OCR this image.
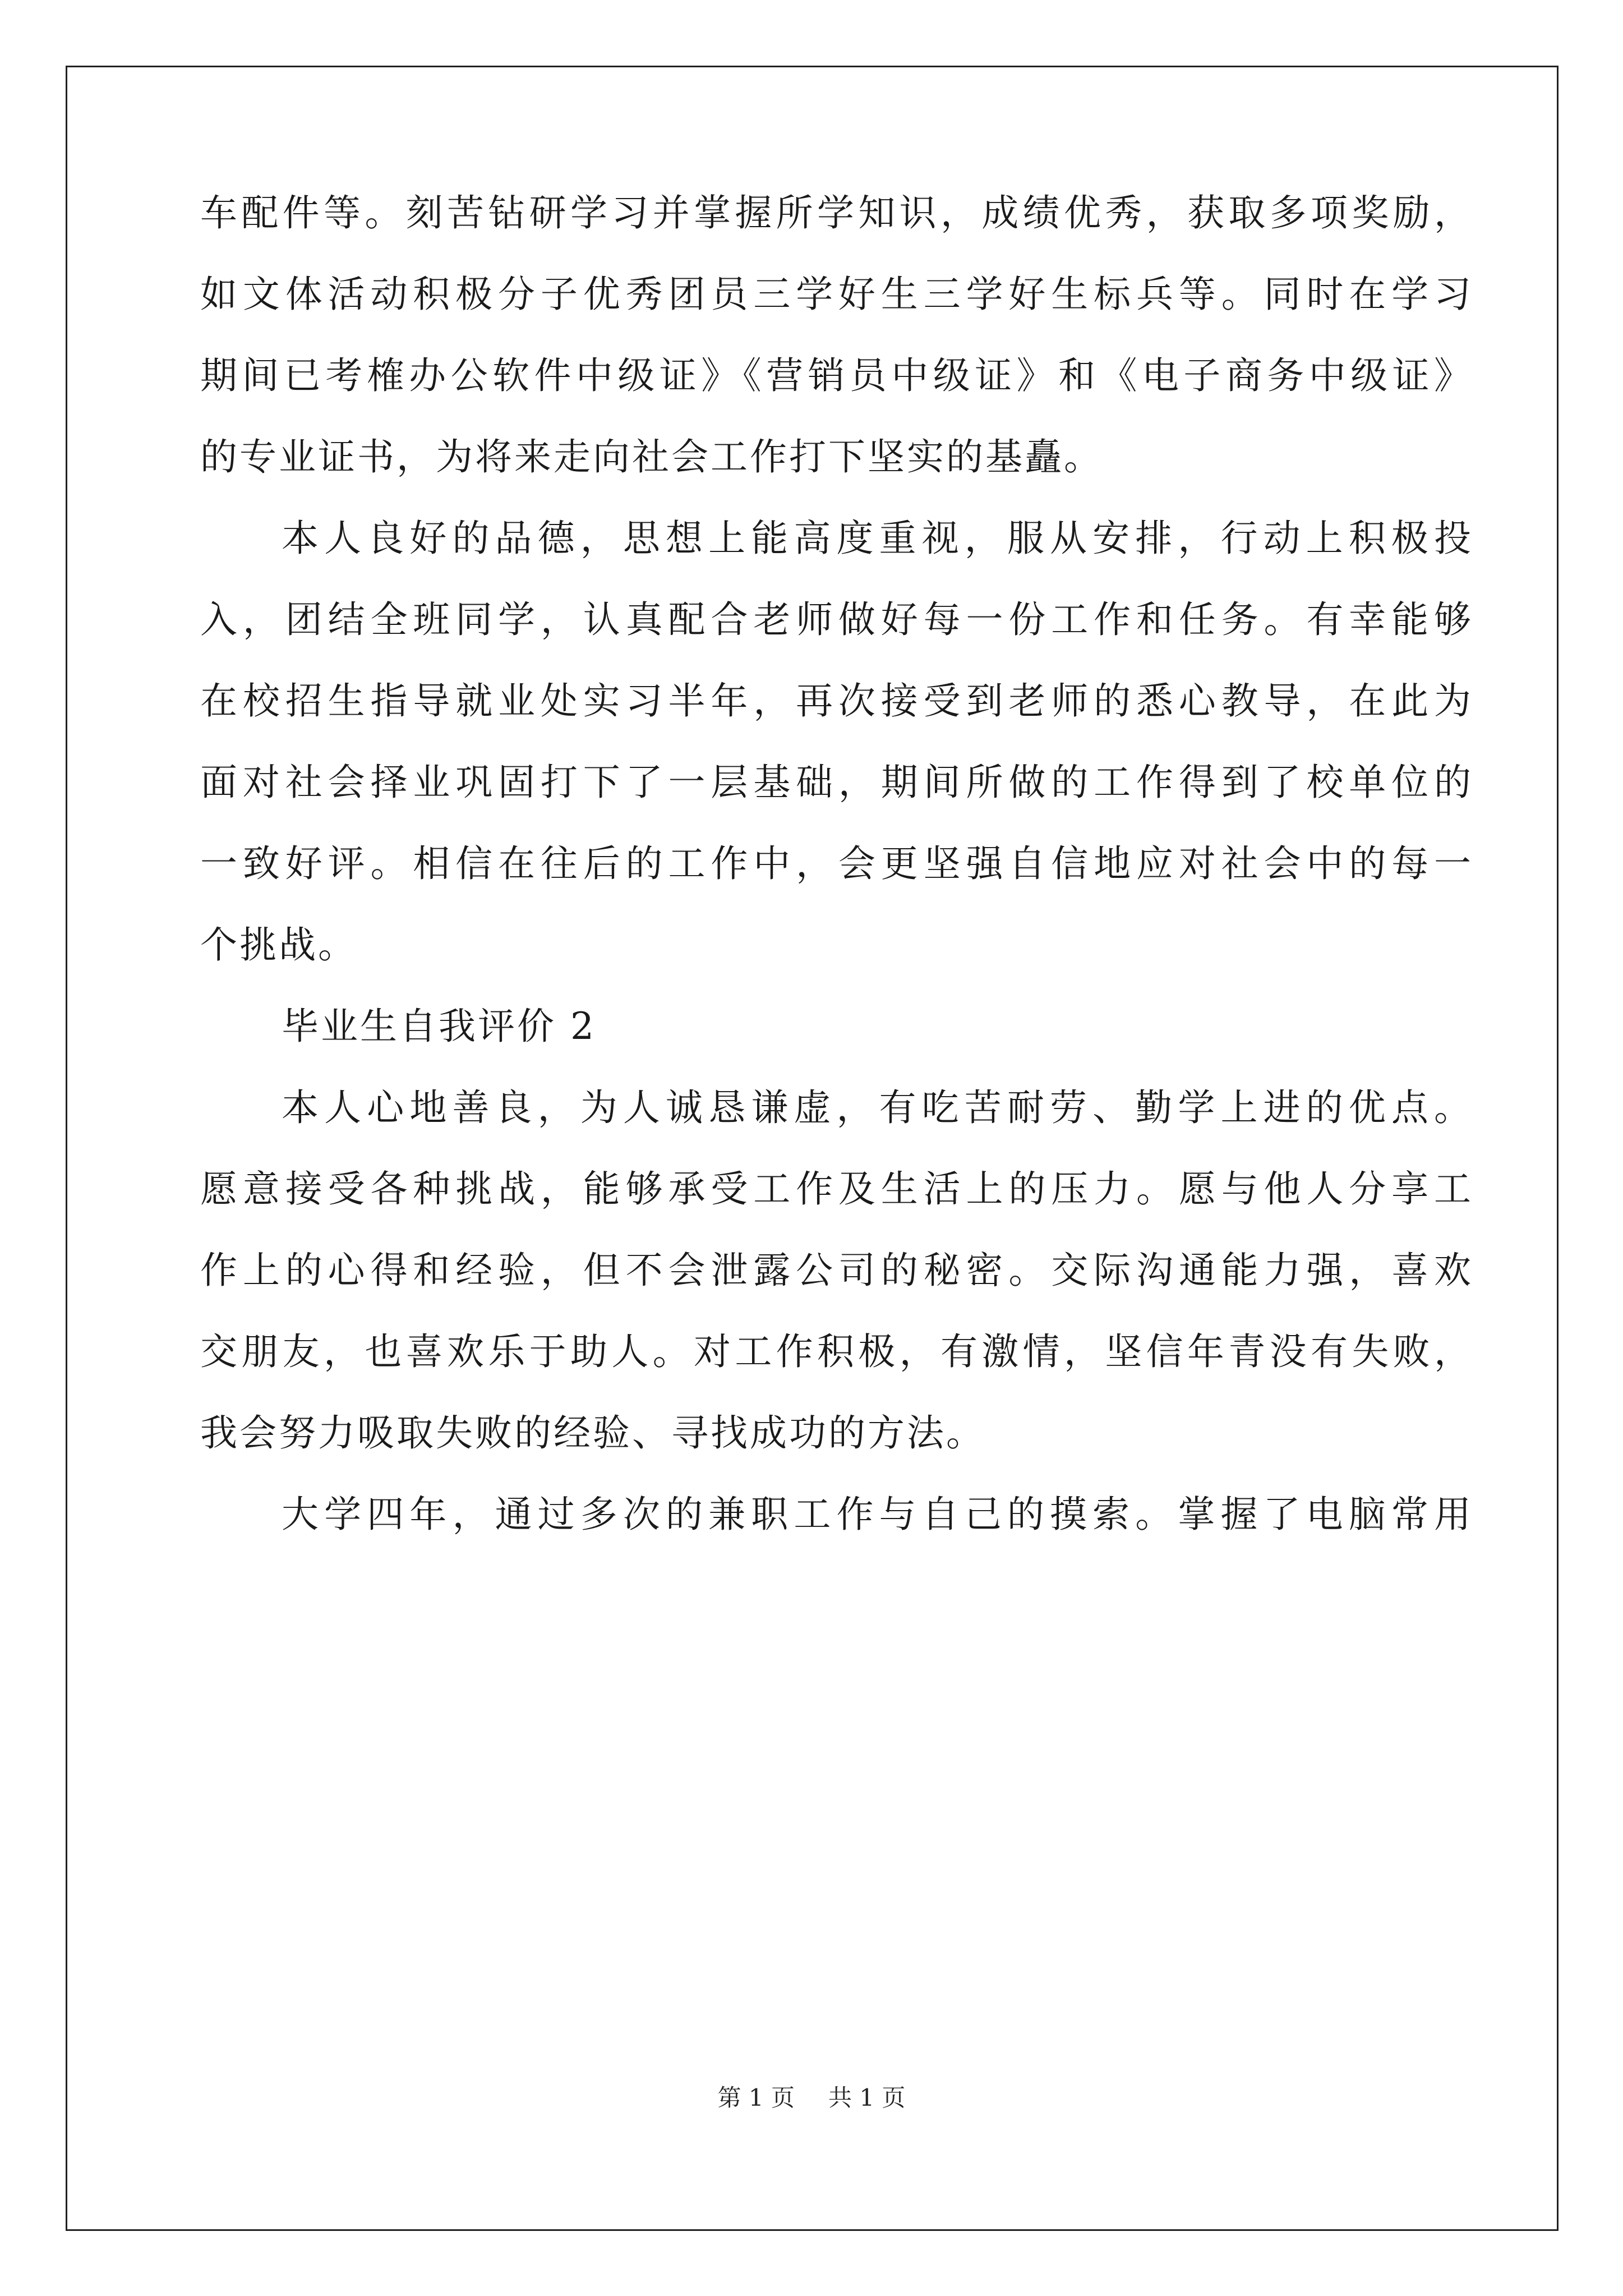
车配件等。刻苦钻研学习并掌握所学知识，成绩优秀，获取多项奖励，
如文体活动积极分子优秀团员三学好生三学好生标兵等。同时在学习
期间已考榷办公软件中级证》《营销员中级证》和《电子商务中级证》
的专业证书，为将来走向社会工作打下坚实的基矗。
本人良好的品德，思想上能高度重视，服从安排，行动上积极投
入，团结全班同学，认真配合老师做好每一份工作和任务。有幸能够
在校招生指导就业处实习半年，再次接受到老师的悉心教导，在此为
面对社会择业巩固打下了一层基础，期间所做的工作得到了校单位的
一致好评。相信在往后的工作中，会更坚强自信地应对社会中的每一
个挑战。
毕业生自我评价 2
本人心地善良，为人诚恳谦虚，有吃苦耐劳、勤学上进的优点。
愿意接受各种挑战，能够承受工作及生活上的压力。愿与他人分享工
作上的心得和经验，但不会泄露公司的秘密。交际沟通能力强，喜欢
交朋友，也喜欢乐于助人。对工作积极，有激情，坚信年青没有失败，
我会努力吸取失败的经验、寻找成功的方法。
大学四年，通过多次的兼职工作与自己的摸索。掌握了电脑常用
第 1 页 共 1 页
